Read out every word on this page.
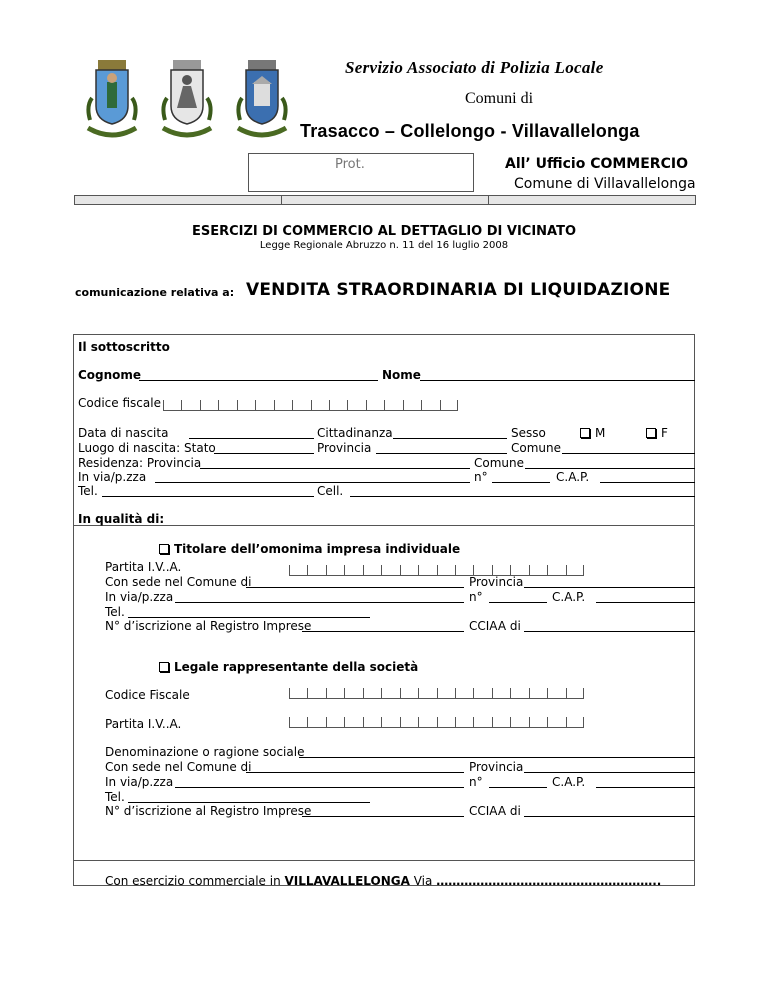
Servizio Associato di Polizia Locale
Comuni di
Trasacco – Collelongo - Villavallelonga
Prot.	All’ Ufficio COMMERCIO
Comune di Villavallelonga
ESERCIZI DI COMMERCIO AL DETTAGLIO DI VICINATO
Legge Regionale Abruzzo n. 11 del 16 luglio 2008
comunicazione relativa a: VENDITA STRAORDINARIA DI LIQUIDAZIONE
Il sottoscritto
Cognome	Nome
Codice fiscale
Data di nascita	Cittadinanza	Sesso	M	F
Luogo di nascita: Stato	Provincia	Comune
Residenza: Provincia	Comune
In via/p.zza	n°	C.A.P.
Tel.	Cell.
In qualità di:
Titolare dell’omonima impresa individuale
Partita I.V..A.
Con sede nel Comune di	Provincia
In via/p.zza	n°	C.A.P.
Tel.
N° d’iscrizione al Registro Imprese	CCIAA di
Legale rappresentante della società
Codice Fiscale
Partita I.V..A.
Denominazione o ragione sociale
Con sede nel Comune di	Provincia
In via/p.zza	n°	C.A.P.
Tel.
N° d’iscrizione al Registro Imprese	CCIAA di
Con esercizio commerciale in VILLAVALLELONGA Via ………………………………………………..
